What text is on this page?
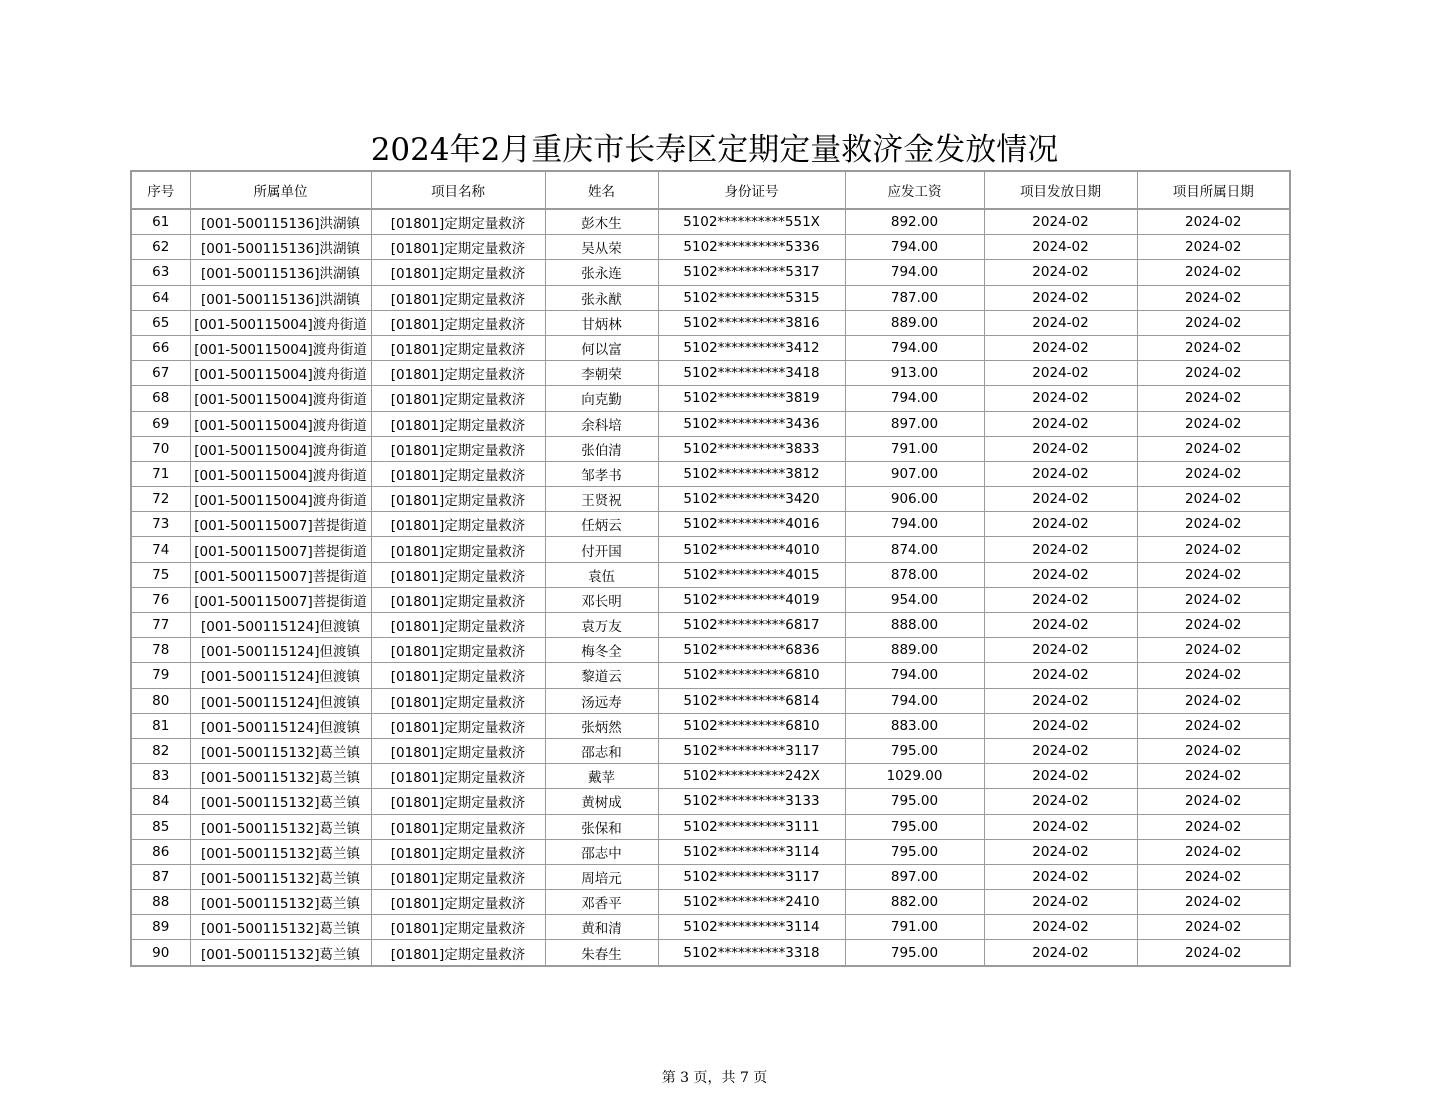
2024年2月重庆市长寿区定期定量救济金发放情况
序号	所属单位	项目名称	姓名	身份证号	应发工资	项目发放日期	项目所属日期
61	[001-500115136]洪湖镇	[01801]定期定量救济	彭木生	5102**********551X	892.00	2024-02	2024-02
62	[001-500115136]洪湖镇	[01801]定期定量救济	吴从荣	5102**********5336	794.00	2024-02	2024-02
63	[001-500115136]洪湖镇	[01801]定期定量救济	张永连	5102**********5317	794.00	2024-02	2024-02
64	[001-500115136]洪湖镇	[01801]定期定量救济	张永猷	5102**********5315	787.00	2024-02	2024-02
65	[001-500115004]渡舟街道	[01801]定期定量救济	甘炳林	5102**********3816	889.00	2024-02	2024-02
66	[001-500115004]渡舟街道	[01801]定期定量救济	何以富	5102**********3412	794.00	2024-02	2024-02
67	[001-500115004]渡舟街道	[01801]定期定量救济	李朝荣	5102**********3418	913.00	2024-02	2024-02
68	[001-500115004]渡舟街道	[01801]定期定量救济	向克勤	5102**********3819	794.00	2024-02	2024-02
69	[001-500115004]渡舟街道	[01801]定期定量救济	余科培	5102**********3436	897.00	2024-02	2024-02
70	[001-500115004]渡舟街道	[01801]定期定量救济	张伯清	5102**********3833	791.00	2024-02	2024-02
71	[001-500115004]渡舟街道	[01801]定期定量救济	邹孝书	5102**********3812	907.00	2024-02	2024-02
72	[001-500115004]渡舟街道	[01801]定期定量救济	王贤祝	5102**********3420	906.00	2024-02	2024-02
73	[001-500115007]菩提街道	[01801]定期定量救济	任炳云	5102**********4016	794.00	2024-02	2024-02
74	[001-500115007]菩提街道	[01801]定期定量救济	付开国	5102**********4010	874.00	2024-02	2024-02
75	[001-500115007]菩提街道	[01801]定期定量救济	袁伍	5102**********4015	878.00	2024-02	2024-02
76	[001-500115007]菩提街道	[01801]定期定量救济	邓长明	5102**********4019	954.00	2024-02	2024-02
77	[001-500115124]但渡镇	[01801]定期定量救济	袁万友	5102**********6817	888.00	2024-02	2024-02
78	[001-500115124]但渡镇	[01801]定期定量救济	梅冬全	5102**********6836	889.00	2024-02	2024-02
79	[001-500115124]但渡镇	[01801]定期定量救济	黎道云	5102**********6810	794.00	2024-02	2024-02
80	[001-500115124]但渡镇	[01801]定期定量救济	汤远寿	5102**********6814	794.00	2024-02	2024-02
81	[001-500115124]但渡镇	[01801]定期定量救济	张炳然	5102**********6810	883.00	2024-02	2024-02
82	[001-500115132]葛兰镇	[01801]定期定量救济	邵志和	5102**********3117	795.00	2024-02	2024-02
83	[001-500115132]葛兰镇	[01801]定期定量救济	戴苹	5102**********242X	1029.00	2024-02	2024-02
84	[001-500115132]葛兰镇	[01801]定期定量救济	黄树成	5102**********3133	795.00	2024-02	2024-02
85	[001-500115132]葛兰镇	[01801]定期定量救济	张保和	5102**********3111	795.00	2024-02	2024-02
86	[001-500115132]葛兰镇	[01801]定期定量救济	邵志中	5102**********3114	795.00	2024-02	2024-02
87	[001-500115132]葛兰镇	[01801]定期定量救济	周培元	5102**********3117	897.00	2024-02	2024-02
88	[001-500115132]葛兰镇	[01801]定期定量救济	邓香平	5102**********2410	882.00	2024-02	2024-02
89	[001-500115132]葛兰镇	[01801]定期定量救济	黄和清	5102**********3114	791.00	2024-02	2024-02
90	[001-500115132]葛兰镇	[01801]定期定量救济	朱春生	5102**********3318	795.00	2024-02	2024-02
第 3 页，共 7 页
